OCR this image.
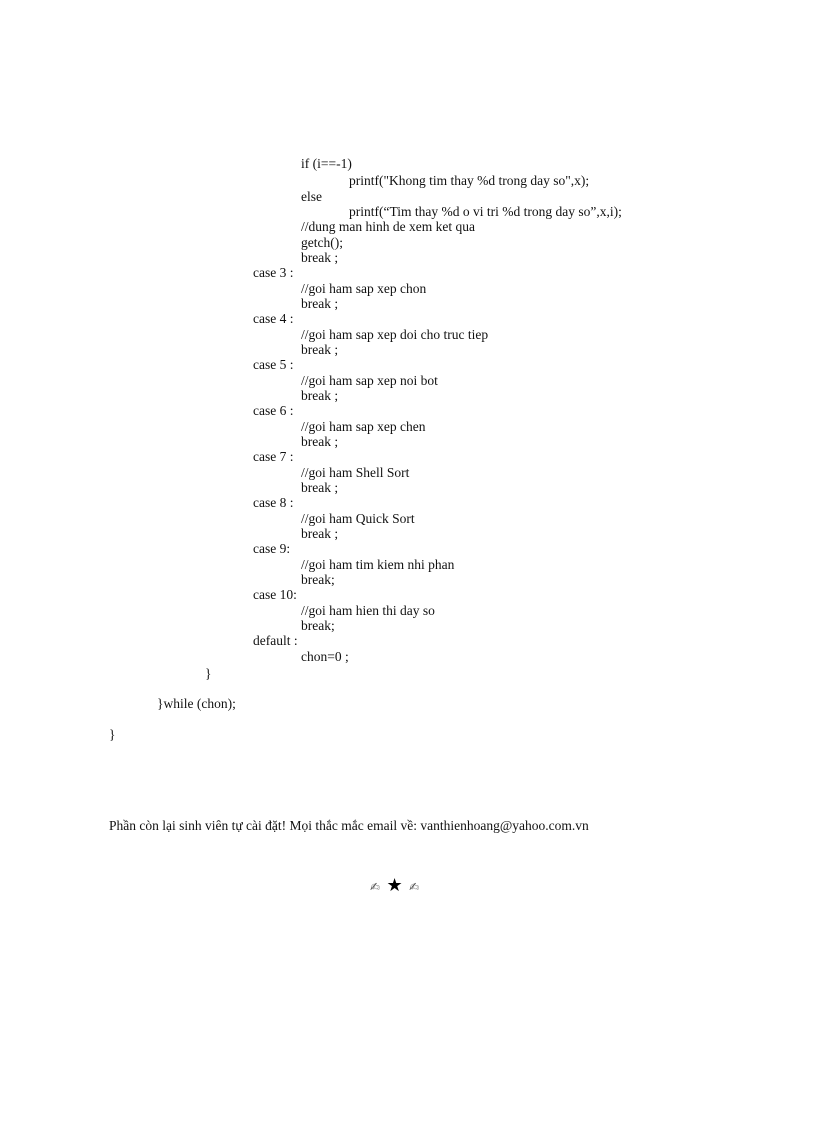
if (i==-1)
printf("Khong tim thay %d trong day so",x);
else
printf(“Tim thay %d o vi tri %d trong day so”,x,i);
//dung man hinh de xem ket qua
getch();
break ;
case 3 :
//goi ham sap xep chon
break ;
case 4 :
//goi ham sap xep doi cho truc tiep
break ;
case 5 :
//goi ham sap xep noi bot
break ;
case 6 :
//goi ham sap xep chen
break ;
case 7 :
//goi ham Shell Sort
break ;
case 8 :
//goi ham Quick Sort
break ;
case 9:
//goi ham tim kiem nhi phan
break;
case 10:
//goi ham hien thi day so
break;
default :
chon=0 ;
}
}while (chon);
}
Phần còn lại sinh viên tự cài đặt! Mọi thắc mắc email về: vanthienhoang@yahoo.com.vn
✍ ★ ✍
